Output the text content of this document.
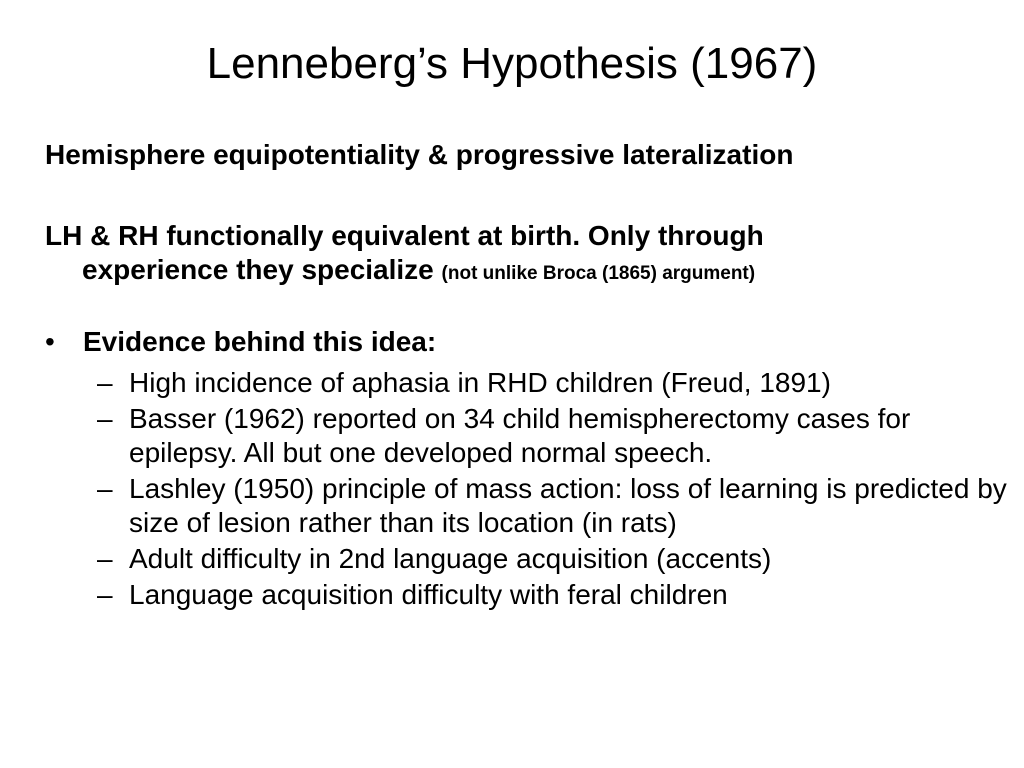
Lenneberg’s Hypothesis (1967)

Hemisphere equipotentiality & progressive lateralization

LH & RH functionally equivalent at birth. Only through
experience they specialize (not unlike Broca (1865) argument)

• Evidence behind this idea:

– High incidence of aphasia in RHD children (Freud, 1891)
– Basser (1962) reported on 34 child hemispherectomy cases for epilepsy. All but one developed normal speech.
– Lashley (1950) principle of mass action: loss of learning is predicted by size of lesion rather than its location (in rats)
– Adult difficulty in 2nd language acquisition (accents)
– Language acquisition difficulty with feral children
